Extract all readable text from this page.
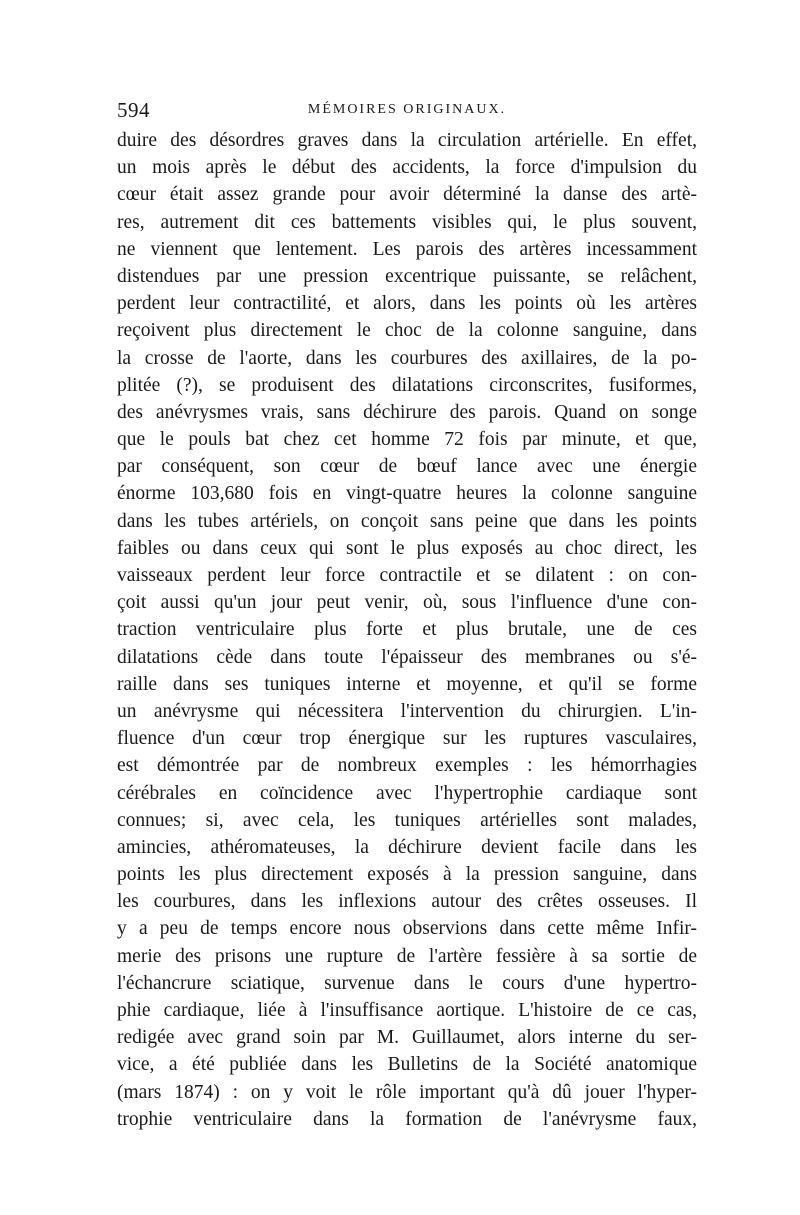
594	MÉMOIRES ORIGINAUX.
duire des désordres graves dans la circulation artérielle. En effet,
un mois après le début des accidents, la force d'impulsion du
cœur était assez grande pour avoir déterminé la danse des artè-
res, autrement dit ces battements visibles qui, le plus souvent,
ne viennent que lentement. Les parois des artères incessamment
distendues par une pression excentrique puissante, se relâchent,
perdent leur contractilité, et alors, dans les points où les artères
reçoivent plus directement le choc de la colonne sanguine, dans
la crosse de l'aorte, dans les courbures des axillaires, de la po-
plitée (?), se produisent des dilatations circonscrites, fusiformes,
des anévrysmes vrais, sans déchirure des parois. Quand on songe
que le pouls bat chez cet homme 72 fois par minute, et que,
par conséquent, son cœur de bœuf lance avec une énergie
énorme 103,680 fois en vingt-quatre heures la colonne sanguine
dans les tubes artériels, on conçoit sans peine que dans les points
faibles ou dans ceux qui sont le plus exposés au choc direct, les
vaisseaux perdent leur force contractile et se dilatent : on con-
çoit aussi qu'un jour peut venir, où, sous l'influence d'une con-
traction ventriculaire plus forte et plus brutale, une de ces
dilatations cède dans toute l'épaisseur des membranes ou s'é-
raille dans ses tuniques interne et moyenne, et qu'il se forme
un anévrysme qui nécessitera l'intervention du chirurgien. L'in-
fluence d'un cœur trop énergique sur les ruptures vasculaires,
est démontrée par de nombreux exemples : les hémorrhagies
cérébrales en coïncidence avec l'hypertrophie cardiaque sont
connues; si, avec cela, les tuniques artérielles sont malades,
amincies, athéromateuses, la déchirure devient facile dans les
points les plus directement exposés à la pression sanguine, dans
les courbures, dans les inflexions autour des crêtes osseuses. Il
y a peu de temps encore nous observions dans cette même Infir-
merie des prisons une rupture de l'artère fessière à sa sortie de
l'échancrure sciatique, survenue dans le cours d'une hypertro-
phie cardiaque, liée à l'insuffisance aortique. L'histoire de ce cas,
redigée avec grand soin par M. Guillaumet, alors interne du ser-
vice, a été publiée dans les Bulletins de la Société anatomique
(mars 1874) : on y voit le rôle important qu'à dû jouer l'hyper-
trophie ventriculaire dans la formation de l'anévrysme faux,
